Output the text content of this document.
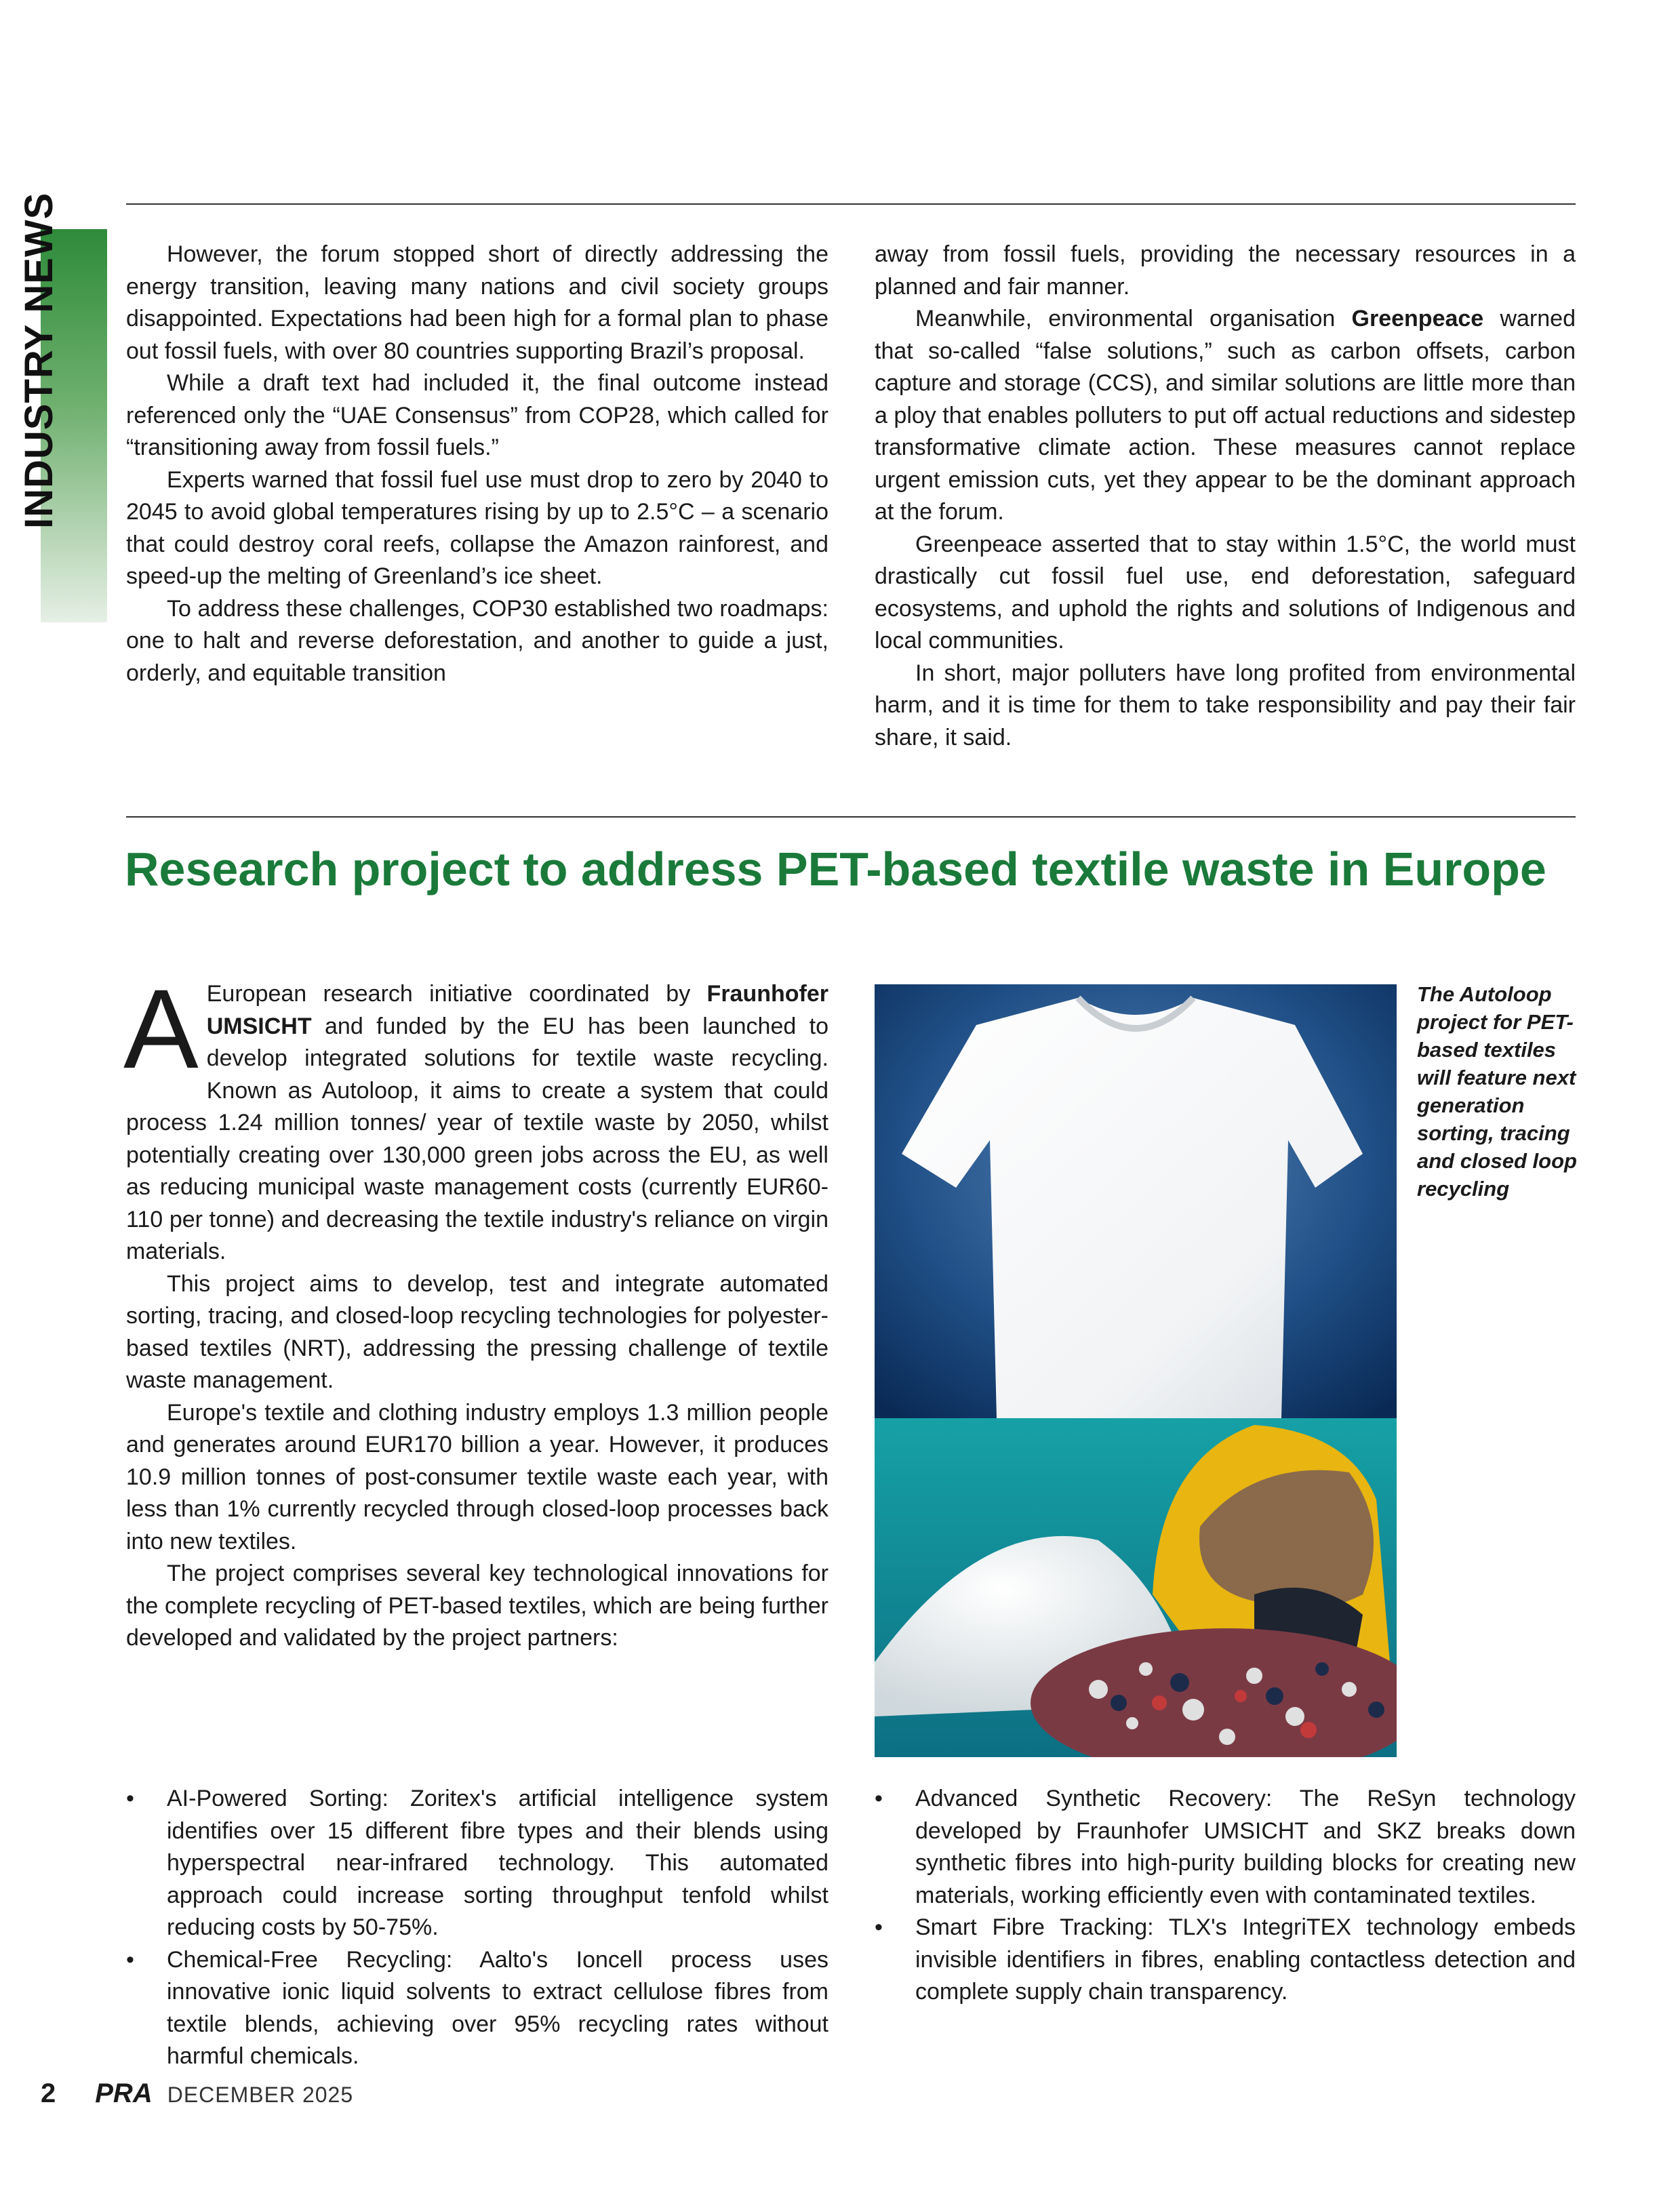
INDUSTRY NEWS	However, the forum stopped short of directly addressing the energy transition, leaving many nations and civil society groups disappointed. Expectations had been high for a formal plan to phase out fossil fuels, with over 80 countries supporting Brazil’s proposal.

While a draft text had included it, the final outcome instead referenced only the “UAE Consensus” from COP28, which called for “transitioning away from fossil fuels.”

Experts warned that fossil fuel use must drop to zero by 2040 to 2045 to avoid global temperatures rising by up to 2.5°C – a scenario that could destroy coral reefs, collapse the Amazon rainforest, and speed-up the melting of Greenland’s ice sheet.

To address these challenges, COP30 established two roadmaps: one to halt and reverse deforestation, and another to guide a just, orderly, and equitable transition

away from fossil fuels, providing the necessary resources in a planned and fair manner.

Meanwhile, environmental organisation Greenpeace warned that so-called “false solutions,” such as carbon offsets, carbon capture and storage (CCS), and similar solutions are little more than a ploy that enables polluters to put off actual reductions and sidestep transformative climate action. These measures cannot replace urgent emission cuts, yet they appear to be the dominant approach at the forum.

Greenpeace asserted that to stay within 1.5°C, the world must drastically cut fossil fuel use, end deforestation, safeguard ecosystems, and uphold the rights and solutions of Indigenous and local communities.

In short, major polluters have long profited from environmental harm, and it is time for them to take responsibility and pay their fair share, it said.

Research project to address PET-based textile waste in Europe

A European research initiative coordinated by Fraunhofer UMSICHT and funded by the EU has been launched to develop integrated solutions for textile waste recycling. Known as Autoloop, it aims to create a system that could process 1.24 million tonnes/ year of textile waste by 2050, whilst potentially creating over 130,000 green jobs across the EU, as well as reducing municipal waste management costs (currently EUR60-110 per tonne) and decreasing the textile industry's reliance on virgin materials.

This project aims to develop, test and integrate automated sorting, tracing, and closed-loop recycling technologies for polyester-based textiles (NRT), addressing the pressing challenge of textile waste management.

Europe's textile and clothing industry employs 1.3 million people and generates around EUR170 billion a year. However, it produces 10.9 million tonnes of post-consumer textile waste each year, with less than 1% currently recycled through closed-loop processes back into new textiles.

The project comprises several key technological innovations for the complete recycling of PET-based textiles, which are being further developed and validated by the project partners:

The Autoloop project for PET-based textiles will feature next generation sorting, tracing and closed loop recycling
• AI-Powered Sorting: Zoritex's artificial intelligence system identifies over 15 different fibre types and their blends using hyperspectral near-infrared technology. This automated approach could increase sorting throughput tenfold whilst reducing costs by 50-75%.
• Chemical-Free Recycling: Aalto's Ioncell process uses innovative ionic liquid solvents to extract cellulose fibres from textile blends, achieving over 95% recycling rates without harmful chemicals.
• Advanced Synthetic Recovery: The ReSyn technology developed by Fraunhofer UMSICHT and SKZ breaks down synthetic fibres into high-purity building blocks for creating new materials, working efficiently even with contaminated textiles.
• Smart Fibre Tracking: TLX's IntegriTEX technology embeds invisible identifiers in fibres, enabling contactless detection and complete supply chain transparency.
2 PRA DECEMBER 2025
